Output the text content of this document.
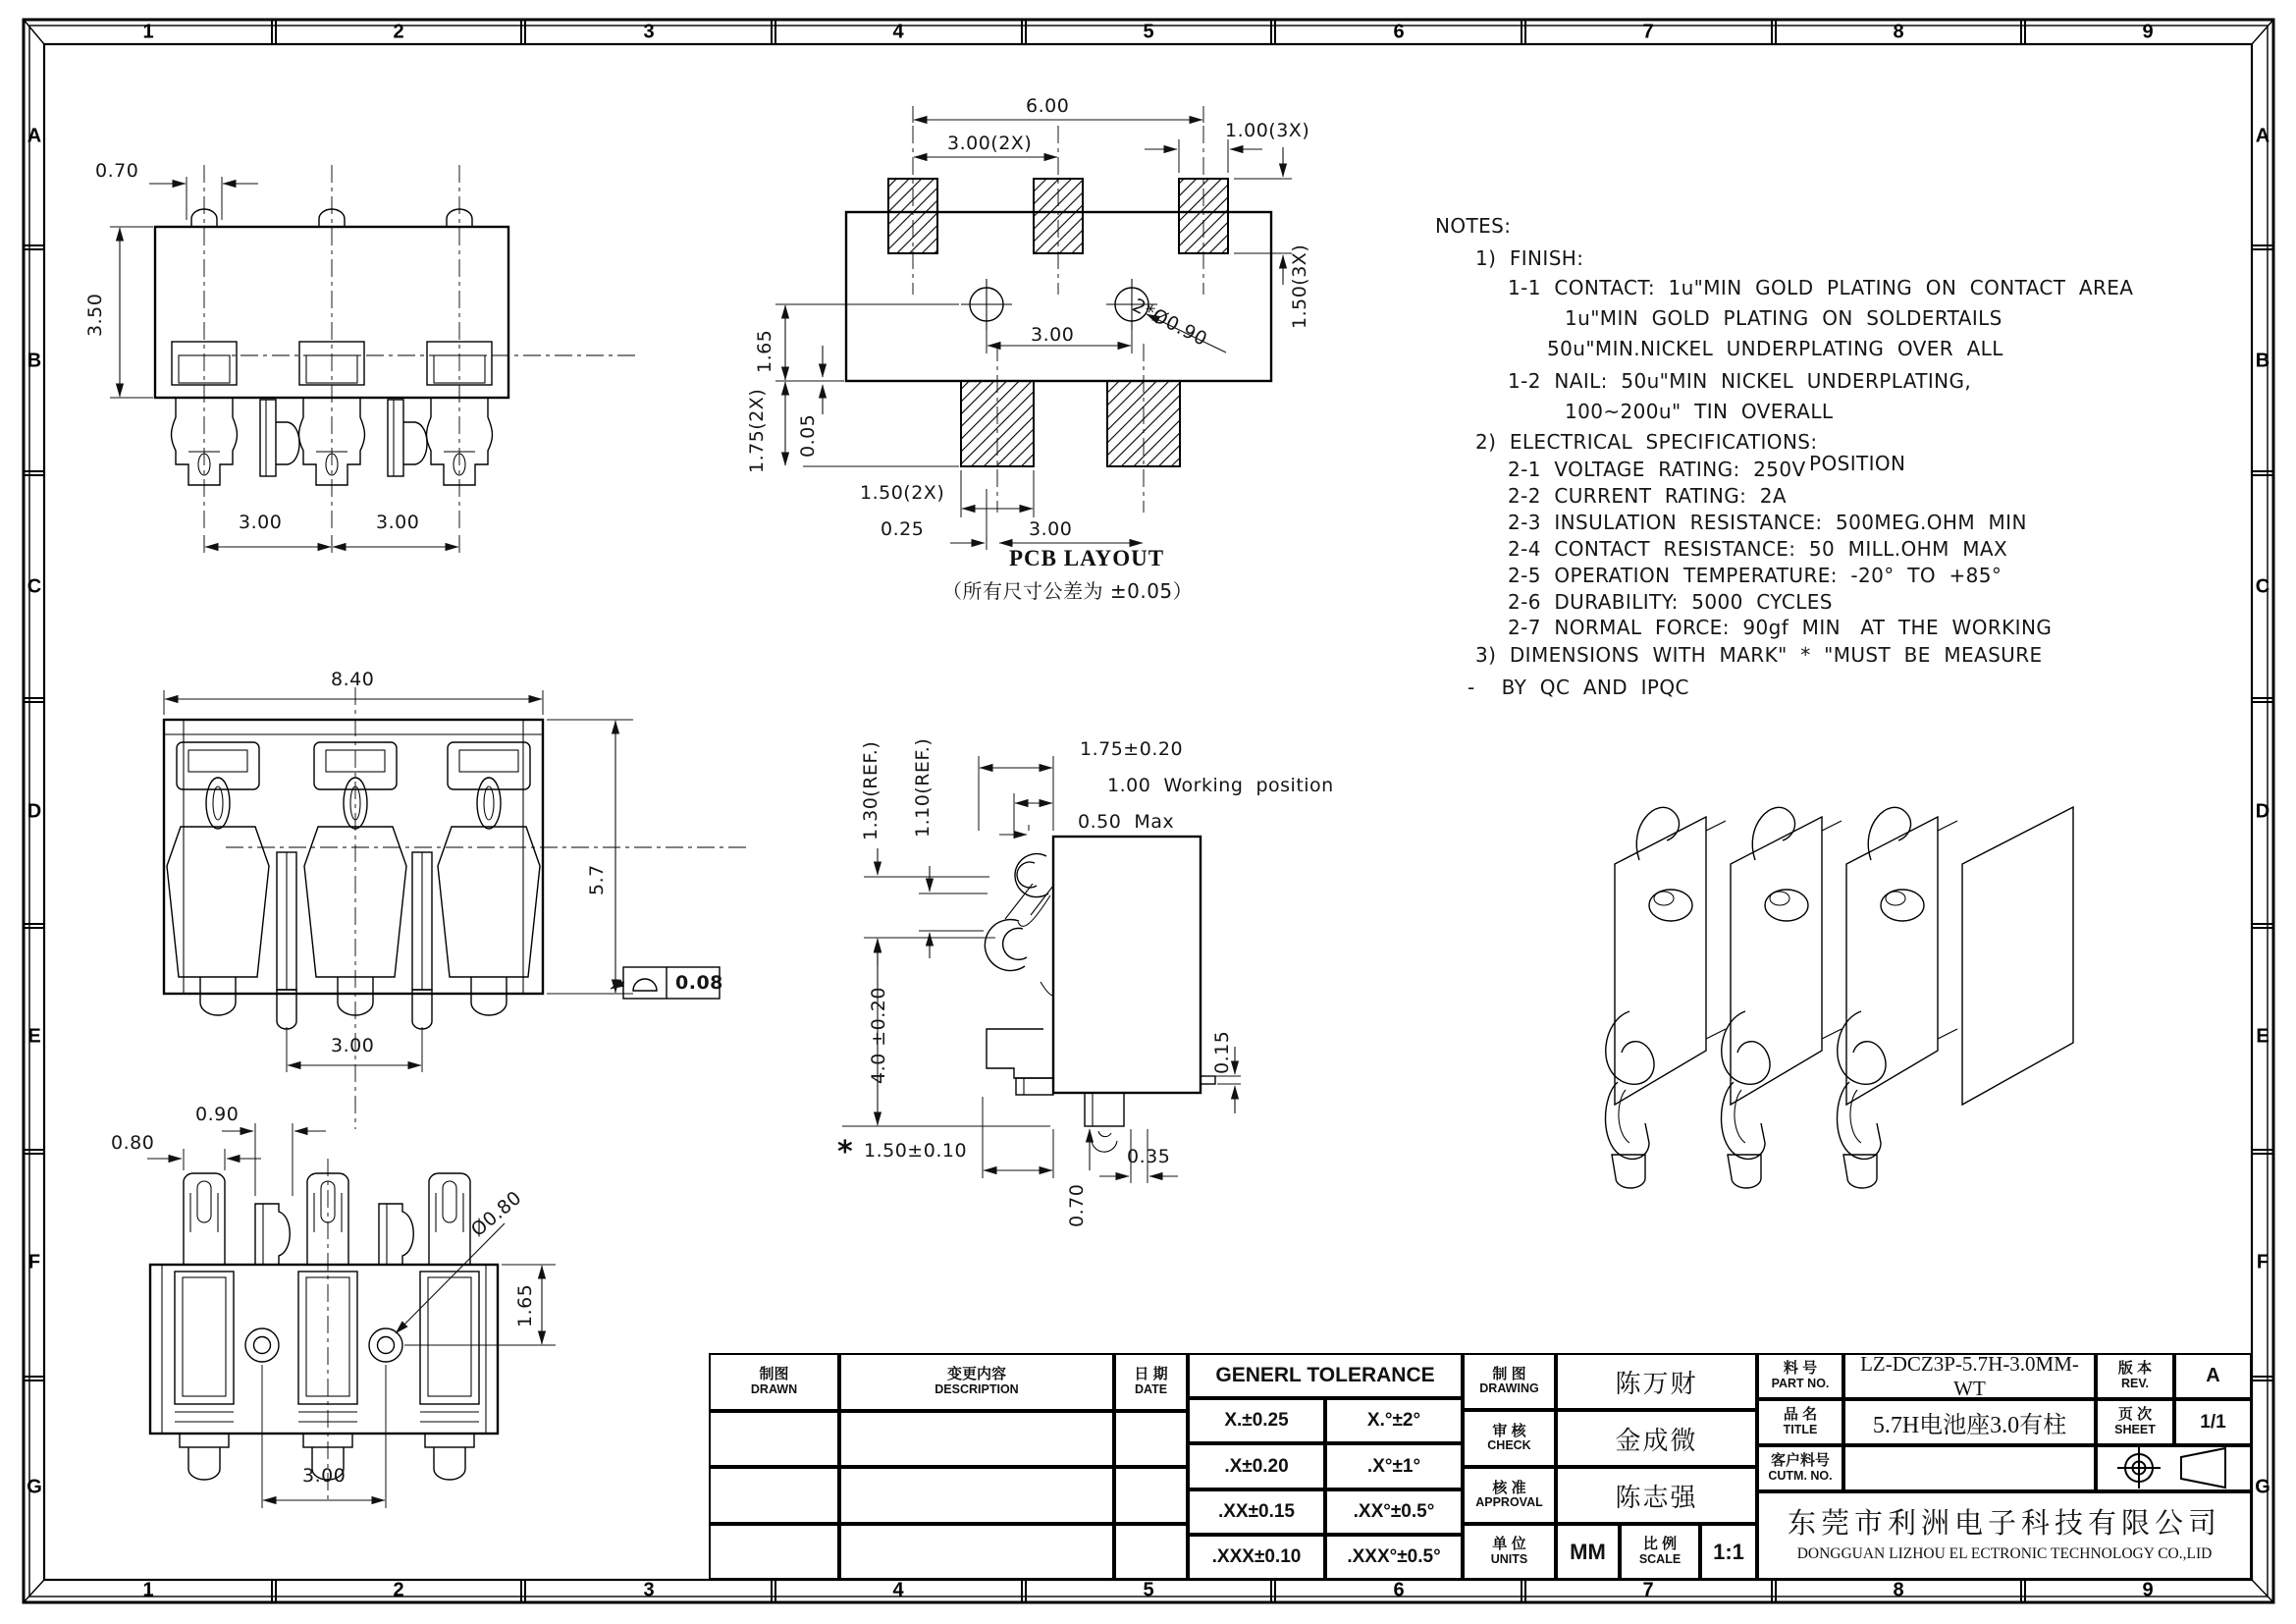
1	2	3	4	5	6	7	8	9
1	2	3	4	5	6	7	8	9
A
B
C
D
E
F
G
A
B
C
D
E
F
G
0.70
3.50
3.00	3.00
6.00
3.00(2X)
1.00(3X)
1.50(3X)
2*Ø0.90
3.00
1.65
1.75(2X) 0.05
1.50(2X)
0.25	3.00
PCB LAYOUT
（所有尺寸公差为 ±0.05）
NOTES:
1)  FINISH:
1-1  CONTACT:  1u"MIN  GOLD  PLATING  ON  CONTACT  AREA
1u"MIN  GOLD  PLATING  ON  SOLDERTAILS
50u"MIN.NICKEL  UNDERPLATING  OVER  ALL
1-2  NAIL:  50u"MIN  NICKEL  UNDERPLATING,
100~200u"  TIN  OVERALL
2)  ELECTRICAL  SPECIFICATIONS:
2-1  VOLTAGE  RATING:  250V POSITION
2-2  CURRENT  RATING:  2A
2-3  INSULATION  RESISTANCE:  500MEG.OHM  MIN
2-4  CONTACT  RESISTANCE:  50  MILL.OHM  MAX
2-5  OPERATION  TEMPERATURE:  -20°  TO  +85°
2-6  DURABILITY:  5000  CYCLES
2-7  NORMAL  FORCE:  90gf  MIN   AT  THE  WORKING
3)  DIMENSIONS  WITH  MARK"  *  "MUST  BE  MEASURE
-    BY  QC  AND  IPQC
8.40
5.7
3.00
0.08
0.80
0.90
Ø0.80
1.65
3.00
1.75±0.20
1.00  Working  position
0.50  Max
1.30(REF.) 1.10(REF.)
4.0 ±0.20
* 1.50±0.10	0.35
0.70
0.15
制图
DRAWN
变更内容
DESCRIPTION
日 期
DATE
GENERL TOLERANCE
X.±0.25	X.°±2°
.X±0.20	.X°±1°
.XX±0.15	.XX°±0.5°
.XXX±0.10	.XXX°±0.5°
制 图
DRAWING	陈万财
审 核
CHECK	金成微
核 准
APPROVAL	陈志强
单 位
UNITS	MM	比 例
SCALE	1:1
料 号
PART NO.
LZ-DCZ3P-5.7H-3.0MM-WT
版 本
REV.	A
品 名
TITLE	5.7H电池座3.0有柱	页 次
SHEET	1/1
客户料号
CUTM. NO.
东莞市利洲电子科技有限公司
DONGGUAN LIZHOU EL ECTRONIC TECHNOLOGY CO.,LID
